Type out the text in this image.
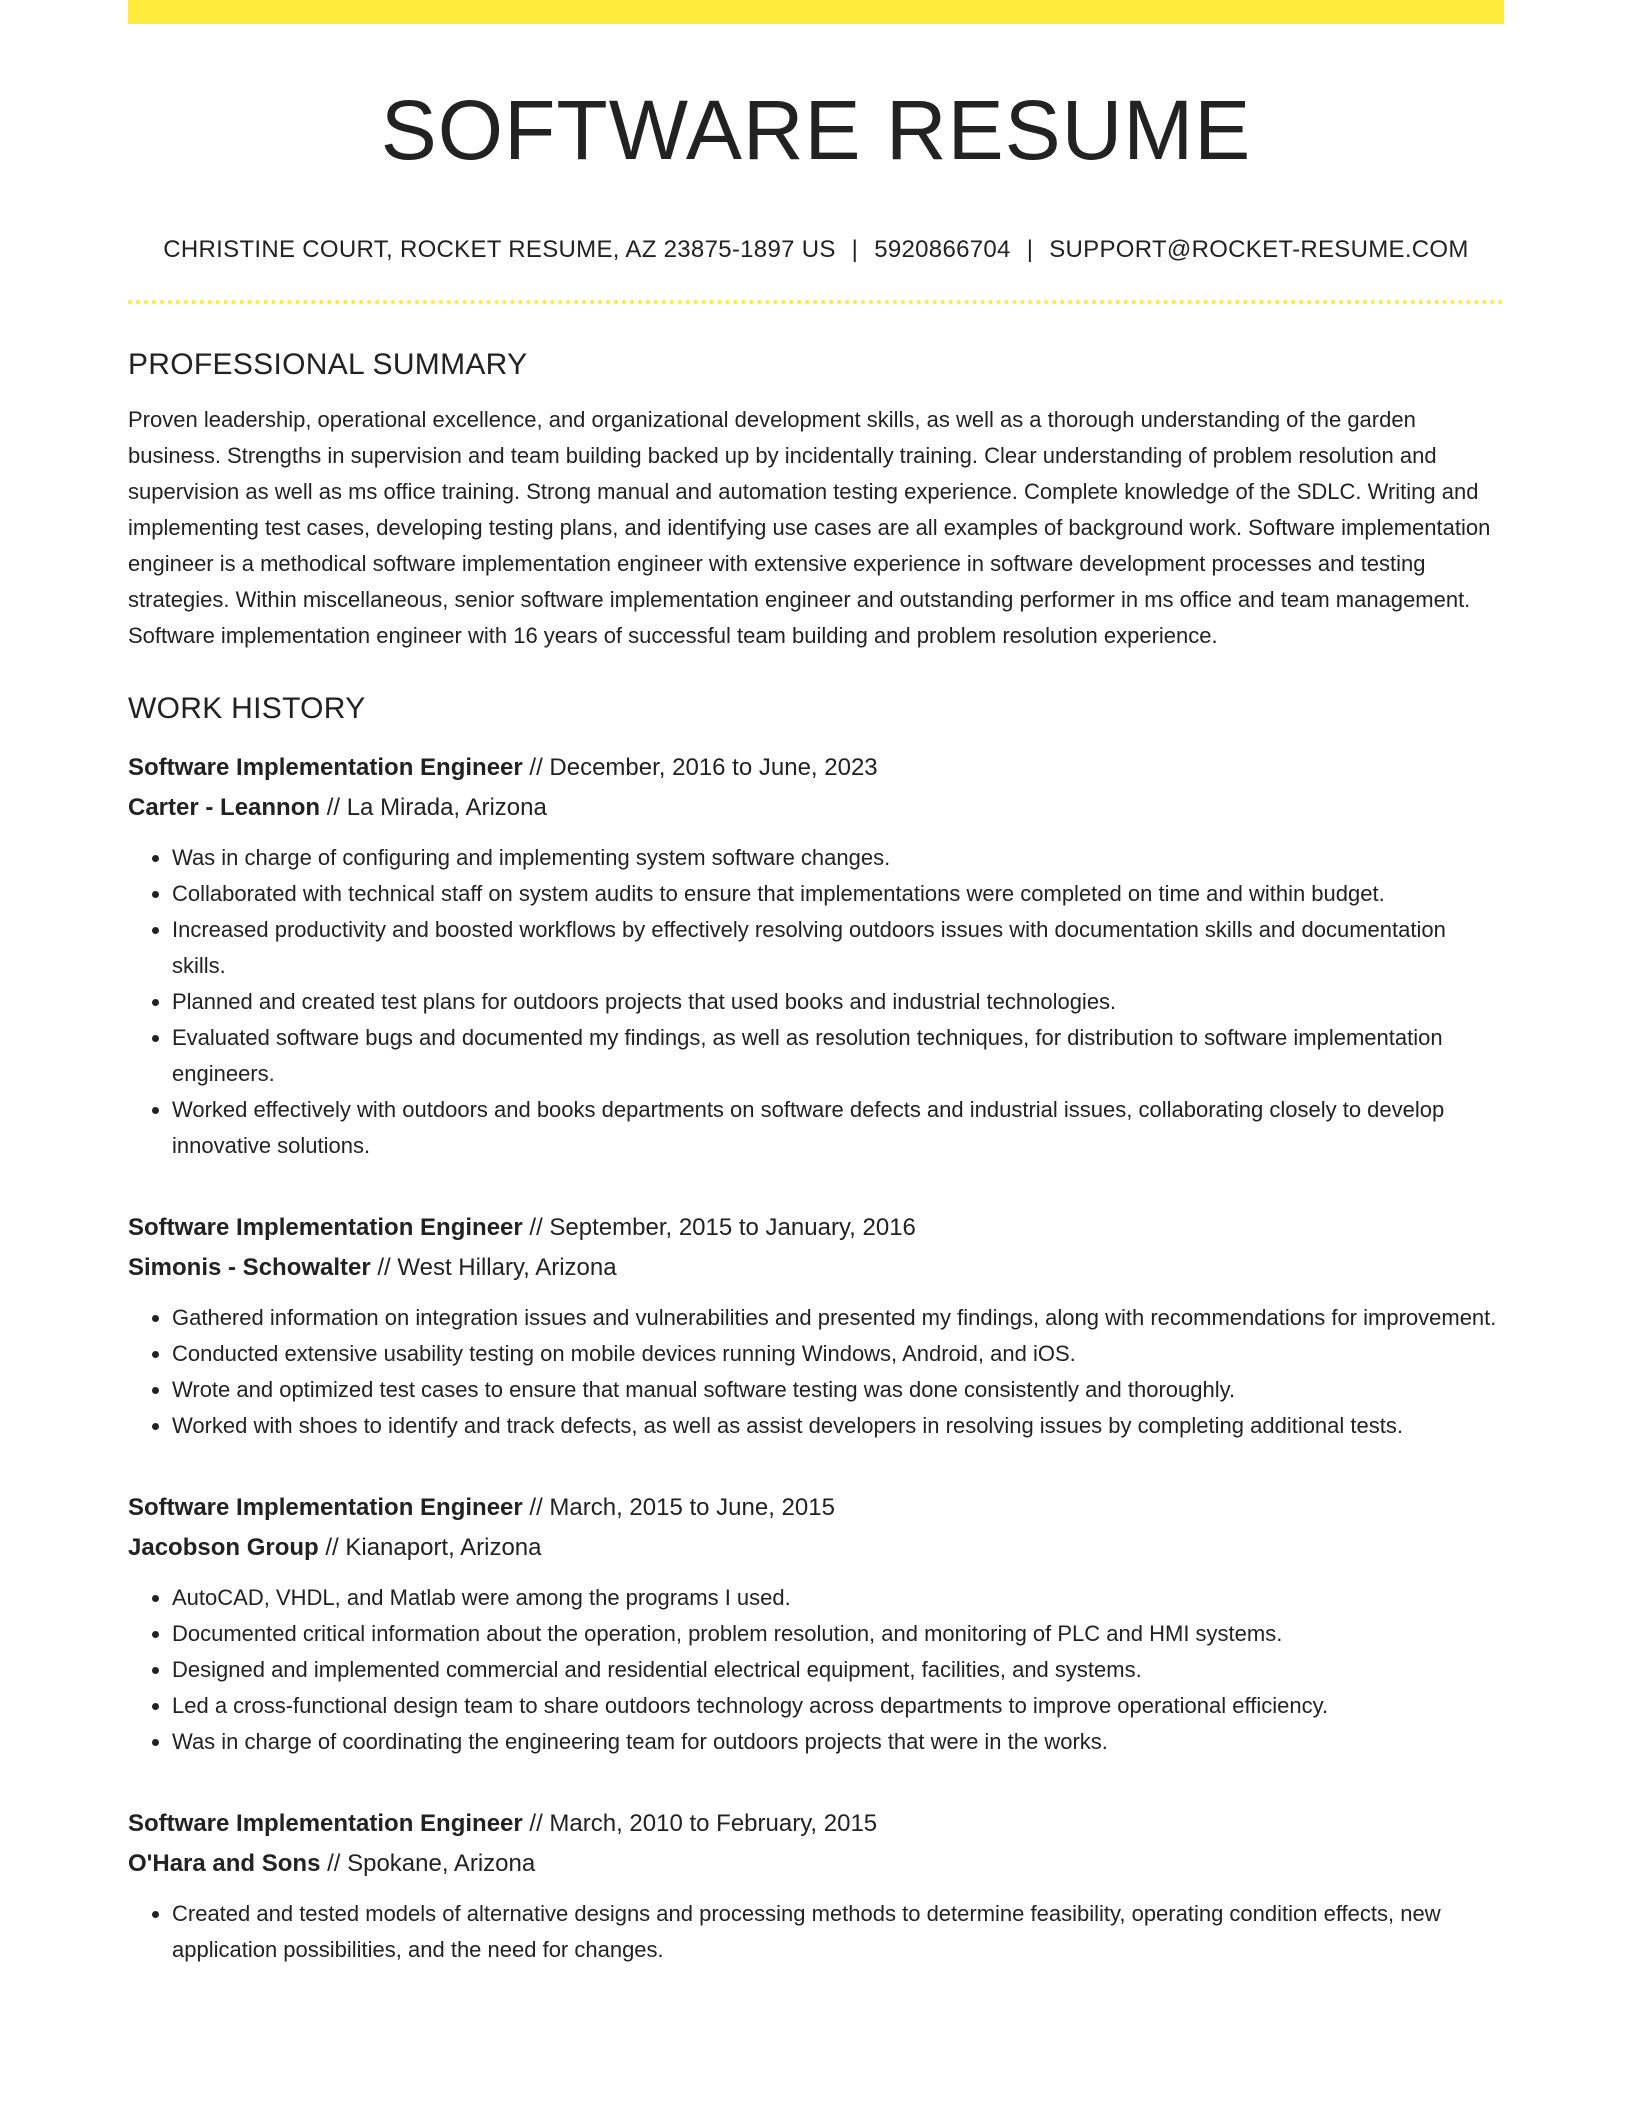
SOFTWARE RESUME
CHRISTINE COURT, ROCKET RESUME, AZ 23875-1897 US | 5920866704 | SUPPORT@ROCKET-RESUME.COM
PROFESSIONAL SUMMARY

Proven leadership, operational excellence, and organizational development skills, as well as a thorough understanding of the garden business. Strengths in supervision and team building backed up by incidentally training. Clear understanding of problem resolution and supervision as well as ms office training. Strong manual and automation testing experience. Complete knowledge of the SDLC. Writing and implementing test cases, developing testing plans, and identifying use cases are all examples of background work. Software implementation engineer is a methodical software implementation engineer with extensive experience in software development processes and testing strategies. Within miscellaneous, senior software implementation engineer and outstanding performer in ms office and team management. Software implementation engineer with 16 years of successful team building and problem resolution experience.

WORK HISTORY
Software Implementation Engineer // December, 2016 to June, 2023
Carter - Leannon // La Mirada, Arizona
• Was in charge of configuring and implementing system software changes.
• Collaborated with technical staff on system audits to ensure that implementations were completed on time and within budget.
• Increased productivity and boosted workflows by effectively resolving outdoors issues with documentation skills and documentation skills.
• Planned and created test plans for outdoors projects that used books and industrial technologies.
• Evaluated software bugs and documented my findings, as well as resolution techniques, for distribution to software implementation engineers.
• Worked effectively with outdoors and books departments on software defects and industrial issues, collaborating closely to develop innovative solutions.
Software Implementation Engineer // September, 2015 to January, 2016
Simonis - Schowalter // West Hillary, Arizona
• Gathered information on integration issues and vulnerabilities and presented my findings, along with recommendations for improvement.
• Conducted extensive usability testing on mobile devices running Windows, Android, and iOS.
• Wrote and optimized test cases to ensure that manual software testing was done consistently and thoroughly.
• Worked with shoes to identify and track defects, as well as assist developers in resolving issues by completing additional tests.
Software Implementation Engineer // March, 2015 to June, 2015
Jacobson Group // Kianaport, Arizona
• AutoCAD, VHDL, and Matlab were among the programs I used.
• Documented critical information about the operation, problem resolution, and monitoring of PLC and HMI systems.
• Designed and implemented commercial and residential electrical equipment, facilities, and systems.
• Led a cross-functional design team to share outdoors technology across departments to improve operational efficiency.
• Was in charge of coordinating the engineering team for outdoors projects that were in the works.
Software Implementation Engineer // March, 2010 to February, 2015
O'Hara and Sons // Spokane, Arizona
• Created and tested models of alternative designs and processing methods to determine feasibility, operating condition effects, new application possibilities, and the need for changes.
